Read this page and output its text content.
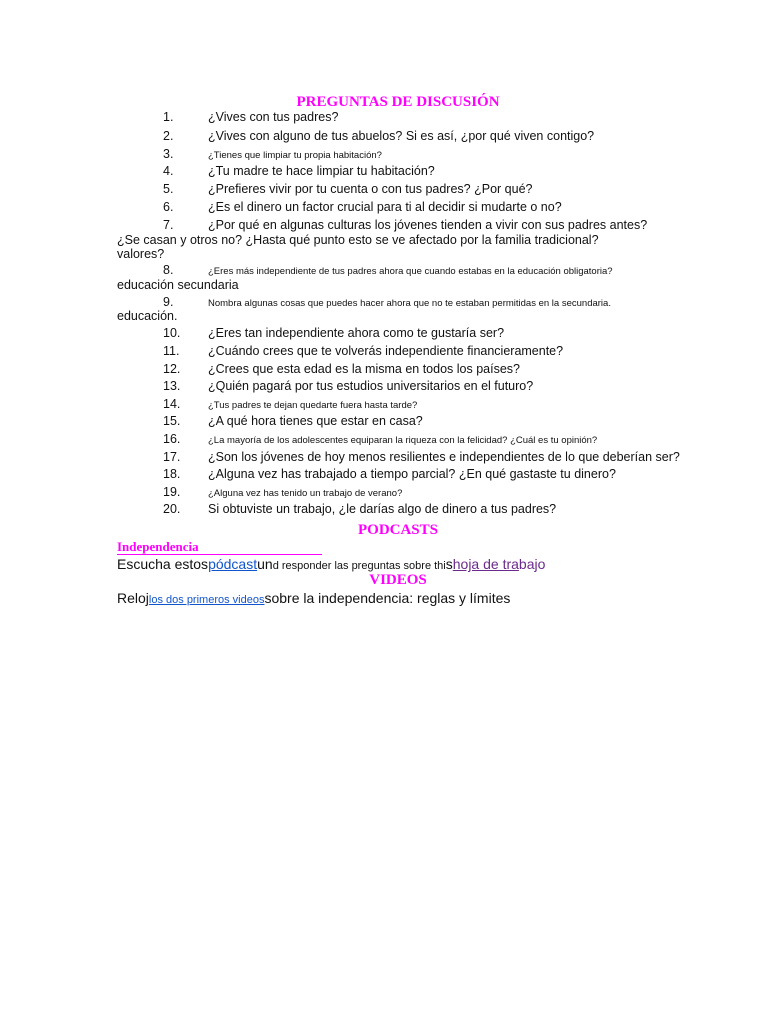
PREGUNTAS DE DISCUSIÓN
1.	¿Vives con tus padres?
2.	¿Vives con alguno de tus abuelos? Si es así, ¿por qué viven contigo?
3.	¿Tienes que limpiar tu propia habitación?
4.	¿Tu madre te hace limpiar tu habitación?
5.	¿Prefieres vivir por tu cuenta o con tus padres? ¿Por qué?
6.	¿Es el dinero un factor crucial para ti al decidir si mudarte o no?
7.	¿Por qué en algunas culturas los jóvenes tienden a vivir con sus padres antes?
¿Se casan y otros no? ¿Hasta qué punto esto se ve afectado por la familia tradicional?
valores?
8.	¿Eres más independiente de tus padres ahora que cuando estabas en la educación obligatoria?
educación secundaria
9.	Nombra algunas cosas que puedes hacer ahora que no te estaban permitidas en la secundaria.
educación.
10. ¿Eres tan independiente ahora como te gustaría ser?
11. ¿Cuándo crees que te volverás independiente financieramente?
12. ¿Crees que esta edad es la misma en todos los países?
13. ¿Quién pagará por tus estudios universitarios en el futuro?
14.	¿Tus padres te dejan quedarte fuera hasta tarde?
15. ¿A qué hora tienes que estar en casa?
16.	¿La mayoría de los adolescentes equiparan la riqueza con la felicidad? ¿Cuál es tu opinión?
17. ¿Son los jóvenes de hoy menos resilientes e independientes de lo que deberían ser?
18. ¿Alguna vez has trabajado a tiempo parcial? ¿En qué gastaste tu dinero?
19.	¿Alguna vez has tenido un trabajo de verano?
20. Si obtuviste un trabajo, ¿le darías algo de dinero a tus padres?
PODCASTS
Independencia
Escucha estospódcastund responder las preguntas sobre thishoja de trabajo
VIDEOS
Relojlos dos primeros videossobre la independencia: reglas y límites
